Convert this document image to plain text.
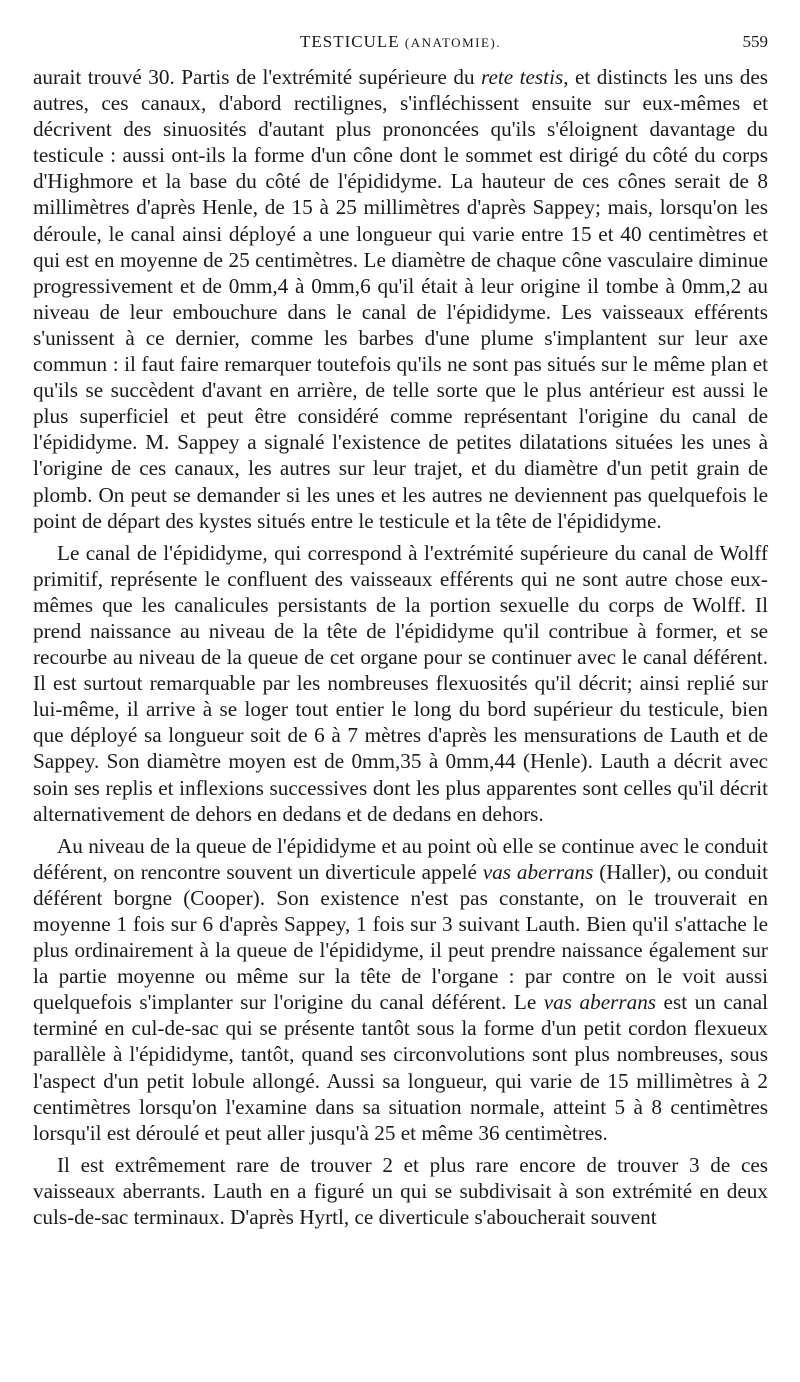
TESTICULE (ANATOMIE).	559

aurait trouvé 30. Partis de l'extrémité supérieure du rete testis, et distincts les uns des autres, ces canaux, d'abord rectilignes, s'infléchissent ensuite sur eux-mêmes et décrivent des sinuosités d'autant plus prononcées qu'ils s'éloignent davantage du testicule : aussi ont-ils la forme d'un cône dont le sommet est dirigé du côté du corps d'Highmore et la base du côté de l'épididyme. La hauteur de ces cônes serait de 8 millimètres d'après Henle, de 15 à 25 millimètres d'après Sappey; mais, lorsqu'on les déroule, le canal ainsi déployé a une longueur qui varie entre 15 et 40 centimètres et qui est en moyenne de 25 centimètres. Le diamètre de chaque cône vasculaire diminue progressivement et de 0mm,4 à 0mm,6 qu'il était à leur origine il tombe à 0mm,2 au niveau de leur embouchure dans le canal de l'épididyme. Les vaisseaux efférents s'unissent à ce dernier, comme les barbes d'une plume s'implantent sur leur axe commun : il faut faire remarquer toutefois qu'ils ne sont pas situés sur le même plan et qu'ils se succèdent d'avant en arrière, de telle sorte que le plus antérieur est aussi le plus superficiel et peut être considéré comme représentant l'origine du canal de l'épididyme. M. Sappey a signalé l'existence de petites dilatations situées les unes à l'origine de ces canaux, les autres sur leur trajet, et du diamètre d'un petit grain de plomb. On peut se demander si les unes et les autres ne deviennent pas quelquefois le point de départ des kystes situés entre le testicule et la tête de l'épididyme.

Le canal de l'épididyme, qui correspond à l'extrémité supérieure du canal de Wolff primitif, représente le confluent des vaisseaux efférents qui ne sont autre chose eux-mêmes que les canalicules persistants de la portion sexuelle du corps de Wolff. Il prend naissance au niveau de la tête de l'épididyme qu'il contribue à former, et se recourbe au niveau de la queue de cet organe pour se continuer avec le canal déférent. Il est surtout remarquable par les nombreuses flexuosités qu'il décrit; ainsi replié sur lui-même, il arrive à se loger tout entier le long du bord supérieur du testicule, bien que déployé sa longueur soit de 6 à 7 mètres d'après les mensurations de Lauth et de Sappey. Son diamètre moyen est de 0mm,35 à 0mm,44 (Henle). Lauth a décrit avec soin ses replis et inflexions successives dont les plus apparentes sont celles qu'il décrit alternativement de dehors en dedans et de dedans en dehors.

Au niveau de la queue de l'épididyme et au point où elle se continue avec le conduit déférent, on rencontre souvent un diverticule appelé vas aberrans (Haller), ou conduit déférent borgne (Cooper). Son existence n'est pas constante, on le trouverait en moyenne 1 fois sur 6 d'après Sappey, 1 fois sur 3 suivant Lauth. Bien qu'il s'attache le plus ordinairement à la queue de l'épididyme, il peut prendre naissance également sur la partie moyenne ou même sur la tête de l'organe : par contre on le voit aussi quelquefois s'implanter sur l'origine du canal déférent. Le vas aberrans est un canal terminé en cul-de-sac qui se présente tantôt sous la forme d'un petit cordon flexueux parallèle à l'épididyme, tantôt, quand ses circonvolutions sont plus nombreuses, sous l'aspect d'un petit lobule allongé. Aussi sa longueur, qui varie de 15 millimètres à 2 centimètres lorsqu'on l'examine dans sa situation normale, atteint 5 à 8 centimètres lorsqu'il est déroulé et peut aller jusqu'à 25 et même 36 centimètres.

Il est extrêmement rare de trouver 2 et plus rare encore de trouver 3 de ces vaisseaux aberrants. Lauth en a figuré un qui se subdivisait à son extrémité en deux culs-de-sac terminaux. D'après Hyrtl, ce diverticule s'aboucherait souvent
